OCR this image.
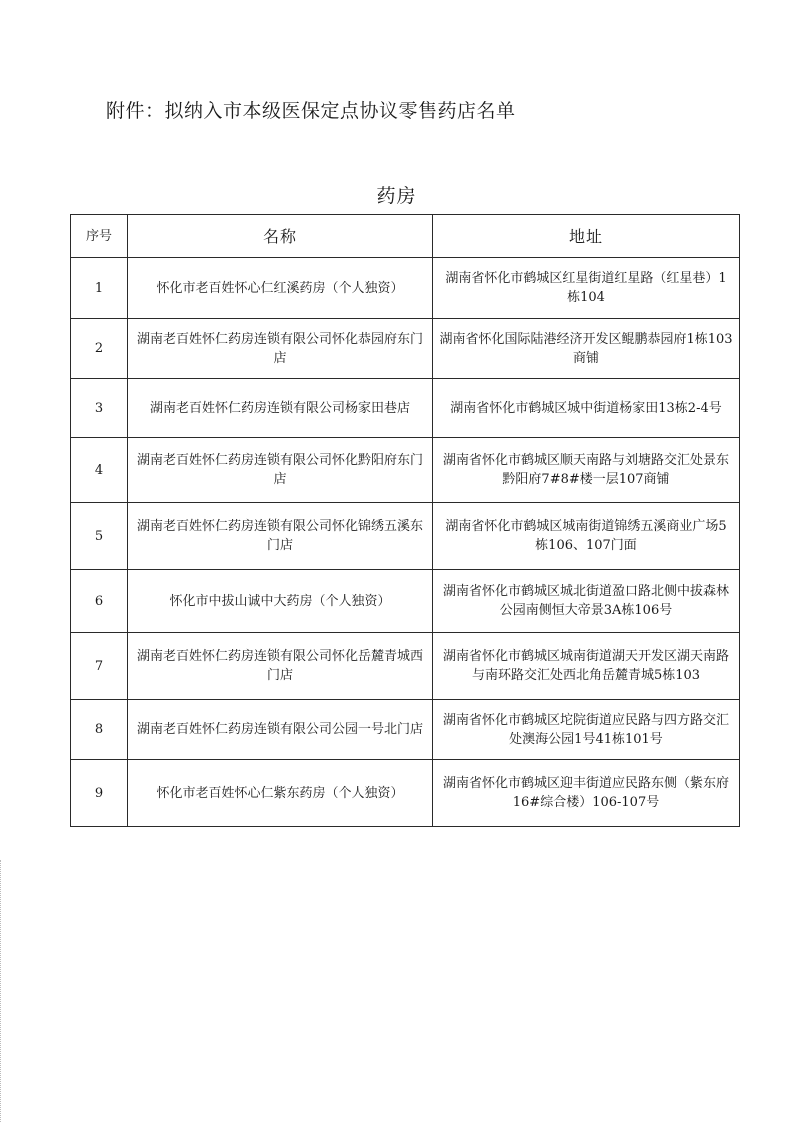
附件：拟纳入市本级医保定点协议零售药店名单
药房
序号	名称	地址
1	怀化市老百姓怀心仁红溪药房（个人独资）	湖南省怀化市鹤城区红星街道红星路（红星巷）1栋104
2	湖南老百姓怀仁药房连锁有限公司怀化恭园府东门店	湖南省怀化国际陆港经济开发区鲲鹏恭园府1栋103商铺
3	湖南老百姓怀仁药房连锁有限公司杨家田巷店	湖南省怀化市鹤城区城中街道杨家田13栋2-4号
4	湖南老百姓怀仁药房连锁有限公司怀化黔阳府东门店	湖南省怀化市鹤城区顺天南路与刘塘路交汇处景东黔阳府7#8#楼一层107商铺
5	湖南老百姓怀仁药房连锁有限公司怀化锦绣五溪东门店	湖南省怀化市鹤城区城南街道锦绣五溪商业广场5栋106、107门面
6	怀化市中拔山诚中大药房（个人独资）	湖南省怀化市鹤城区城北街道盈口路北侧中拔森林公园南侧恒大帝景3A栋106号
7	湖南老百姓怀仁药房连锁有限公司怀化岳麓青城西门店	湖南省怀化市鹤城区城南街道湖天开发区湖天南路与南环路交汇处西北角岳麓青城5栋103
8	湖南老百姓怀仁药房连锁有限公司公园一号北门店	湖南省怀化市鹤城区坨院街道应民路与四方路交汇处澳海公园1号41栋101号
9	怀化市老百姓怀心仁紫东药房（个人独资）	湖南省怀化市鹤城区迎丰街道应民路东侧（紫东府16#综合楼）106-107号
